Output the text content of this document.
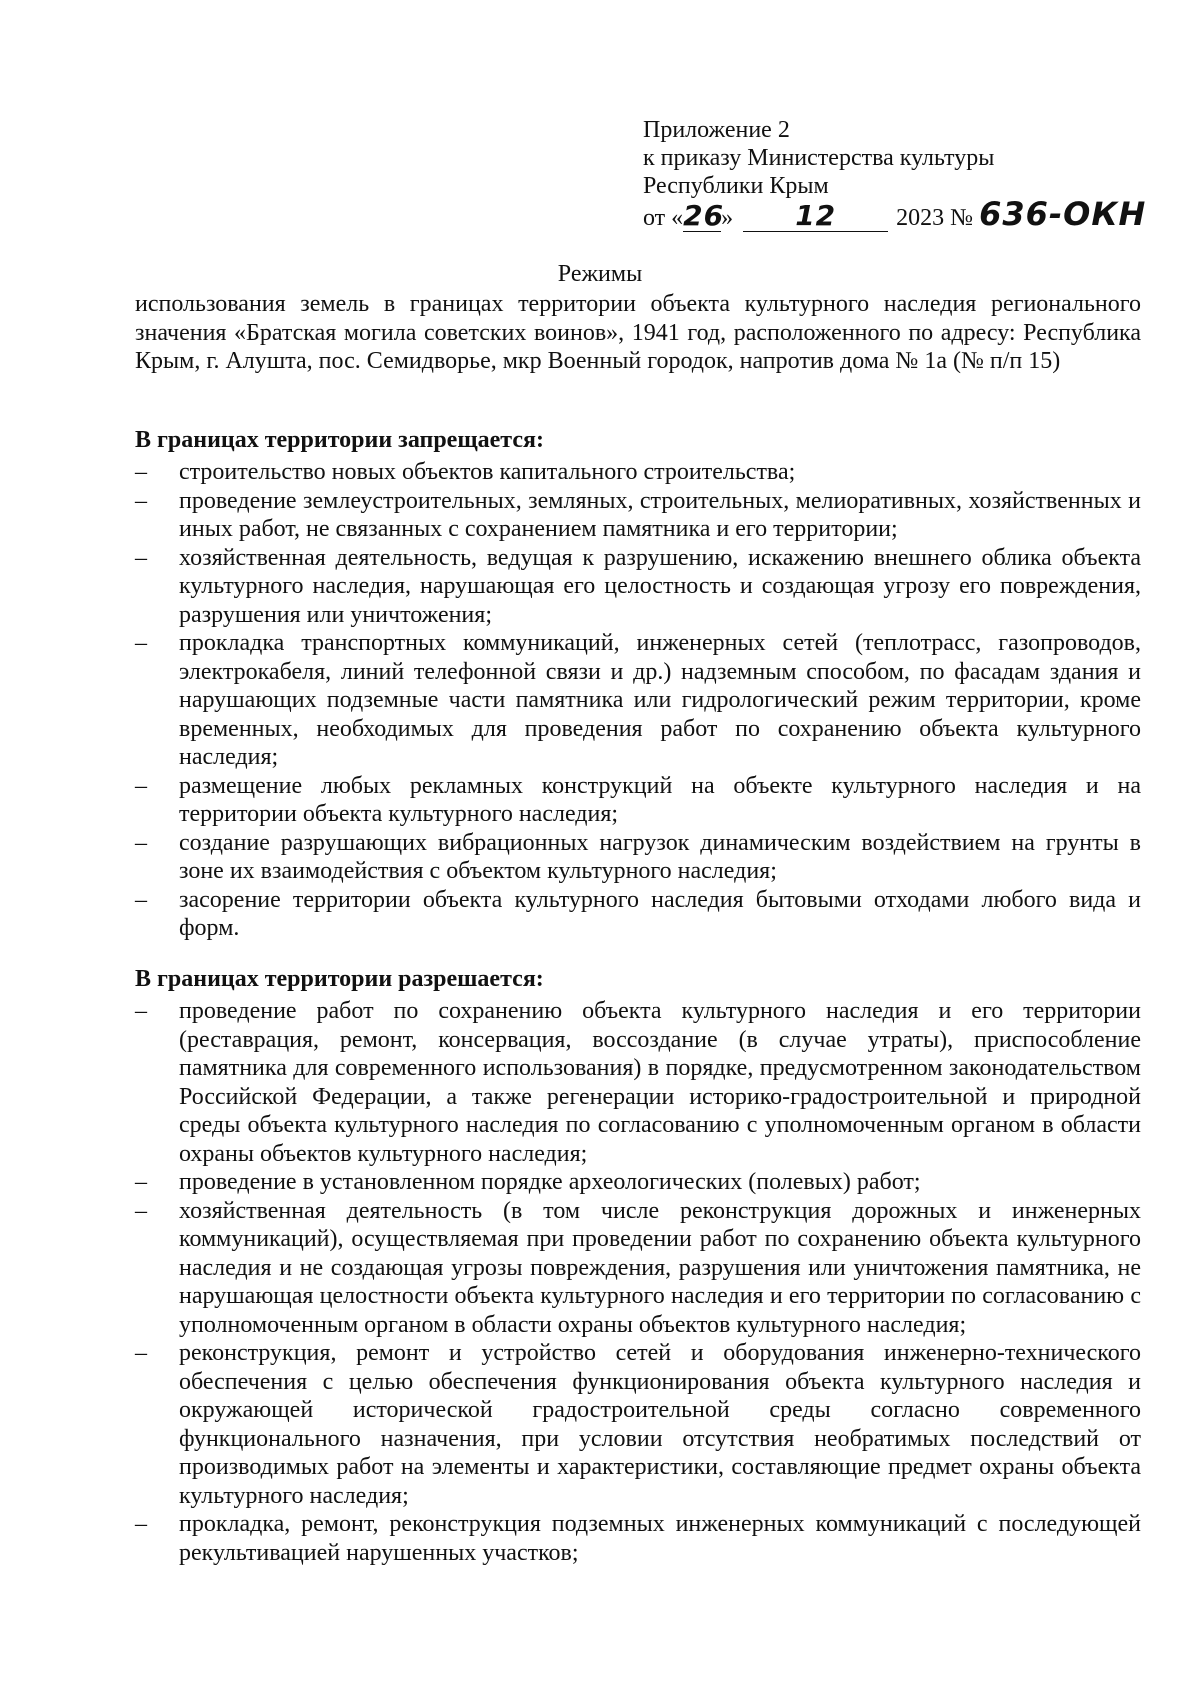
Приложение 2
к приказу Министерства культуры
Республики Крым
от «26» 12	2023 № 636-ОКН
Режимы
использования земель в границах территории объекта культурного наследия регионального значения «Братская могила советских воинов», 1941 год, расположенного по адресу: Республика Крым, г. Алушта, пос. Семидворье, мкр Военный городок, напротив дома № 1а (№ п/п 15)
В границах территории запрещается:
–	строительство новых объектов капитального строительства;
–	проведение землеустроительных, земляных, строительных, мелиоративных, хозяйственных и иных работ, не связанных с сохранением памятника и его территории;
–	хозяйственная деятельность, ведущая к разрушению, искажению внешнего облика объекта культурного наследия, нарушающая его целостность и создающая угрозу его повреждения, разрушения или уничтожения;
–	прокладка транспортных коммуникаций, инженерных сетей (теплотрасс, газопроводов, электрокабеля, линий телефонной связи и др.) надземным способом, по фасадам здания и нарушающих подземные части памятника или гидрологический режим территории, кроме временных, необходимых для проведения работ по сохранению объекта культурного наследия;
–	размещение любых рекламных конструкций на объекте культурного наследия и на территории объекта культурного наследия;
–	создание разрушающих вибрационных нагрузок динамическим воздействием на грунты в зоне их взаимодействия с объектом культурного наследия;
–	засорение территории объекта культурного наследия бытовыми отходами любого вида и форм.
В границах территории разрешается:
–	проведение работ по сохранению объекта культурного наследия и его территории (реставрация, ремонт, консервация, воссоздание (в случае утраты), приспособление памятника для современного использования) в порядке, предусмотренном законодательством Российской Федерации, а также регенерации историко-градостроительной и природной среды объекта культурного наследия по согласованию с уполномоченным органом в области охраны объектов культурного наследия;
–	проведение в установленном порядке археологических (полевых) работ;
–	хозяйственная деятельность (в том числе реконструкция дорожных и инженерных коммуникаций), осуществляемая при проведении работ по сохранению объекта культурного наследия и не создающая угрозы повреждения, разрушения или уничтожения памятника, не нарушающая целостности объекта культурного наследия и его территории по согласованию с уполномоченным органом в области охраны объектов культурного наследия;
–	реконструкция, ремонт и устройство сетей и оборудования инженерно-технического обеспечения с целью обеспечения функционирования объекта культурного наследия и окружающей исторической градостроительной среды согласно современного функционального назначения, при условии отсутствия необратимых последствий от производимых работ на элементы и характеристики, составляющие предмет охраны объекта культурного наследия;
–	прокладка, ремонт, реконструкция подземных инженерных коммуникаций с последующей рекультивацией нарушенных участков;
